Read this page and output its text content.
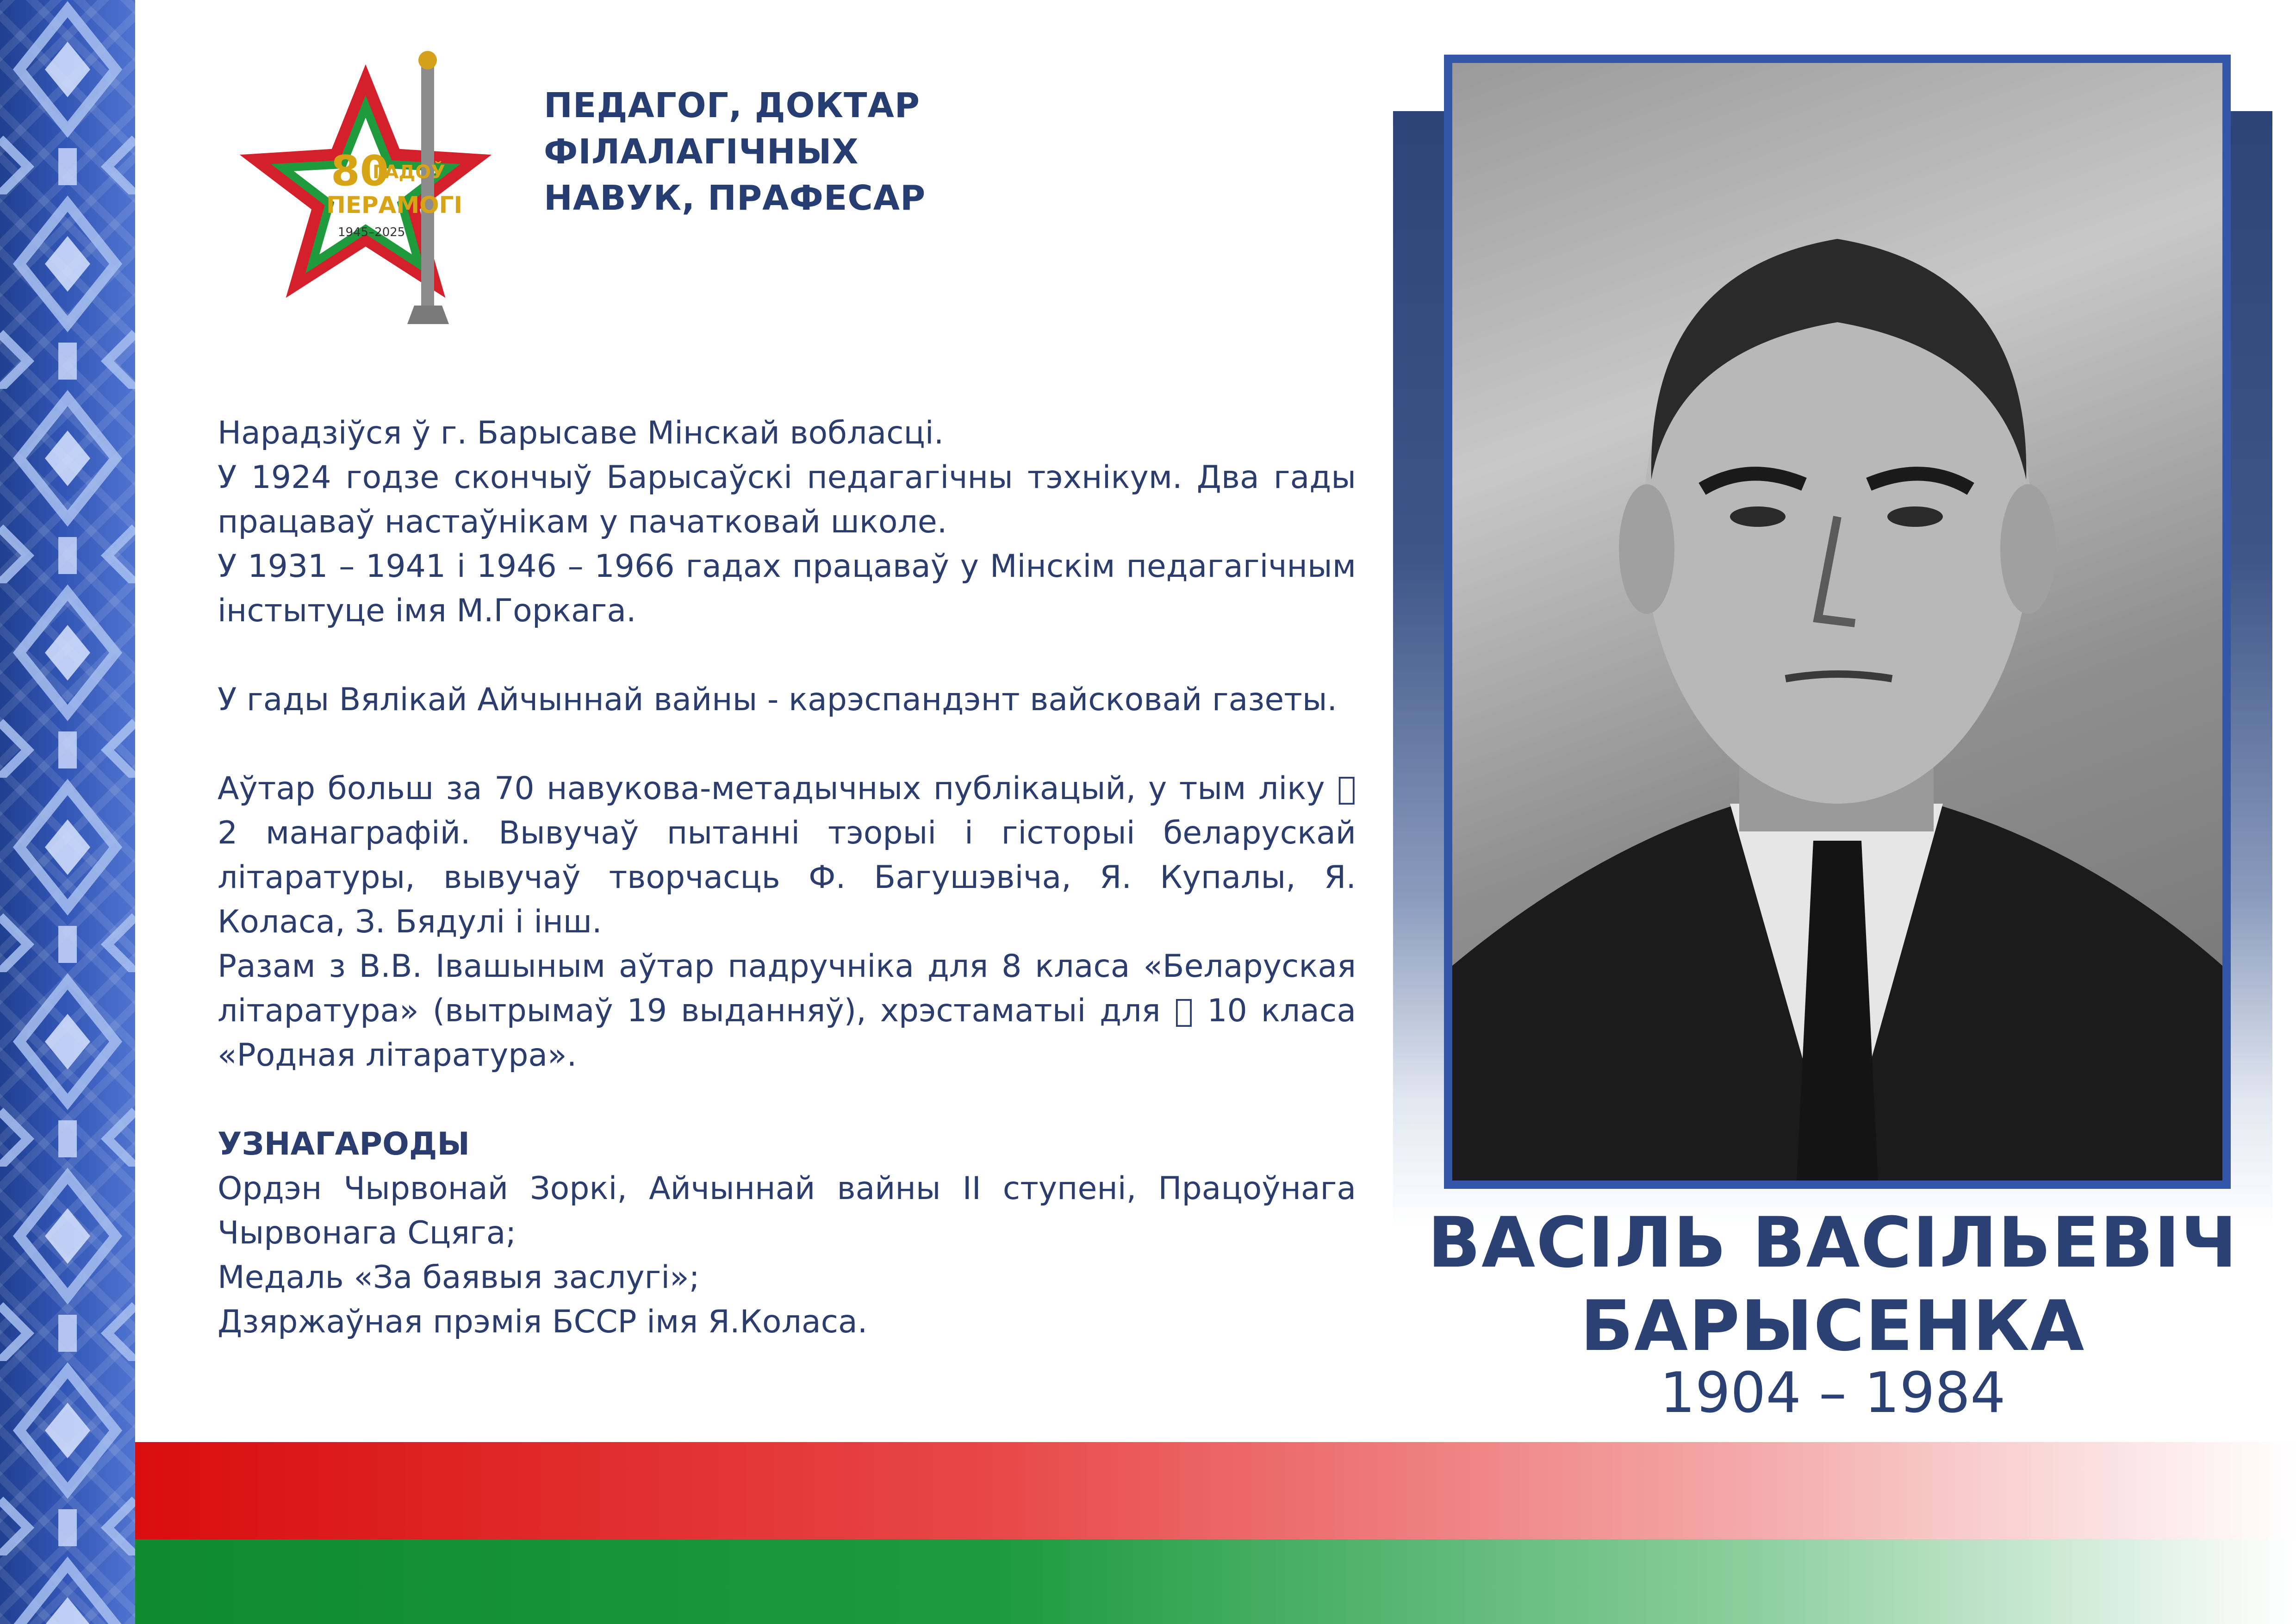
80
ГАДОЎ
ПЕРАМОГІ
1945–2025
ПЕДАГОГ, ДОКТАР ФІЛАЛАГІЧНЫХ
НАВУК, ПРАФЕСАР

Нарадзіўся ў г. Барысаве Мінскай вобласці.

У 1924 годзе скончыў Барысаўскі педагагічны тэхнікум. Два гады працаваў настаўнікам у пачатковай школе.

У 1931 – 1941 і 1946 – 1966 гадах працаваў у Мінскім педагагічным інстытуце імя М.Горкага.

У гады Вялікай Айчыннай вайны - карэспандэнт вайсковай газеты.

Аўтар больш за 70 навукова-метадычных публікацый, у тым ліку   2 манаграфій. Вывучаў пытанні тэорыі і гісторыі беларускай літаратуры, вывучаў творчасць Ф. Багушэвіча, Я. Купалы, Я. Коласа, З. Бядулі і інш.

Разам з В.В. Івашыным аўтар падручніка для 8 класа «Беларуская літаратура» (вытрымаў 19 выданняў), хрэстаматыі для   10 класа «Родная літаратура».

УЗНАГАРОДЫ

Ордэн Чырвонай Зоркі, Айчыннай вайны ІІ ступені, Працоўнага Чырвонага Сцяга;

Медаль «За баявыя заслугі»;

Дзяржаўная прэмія БССР імя Я.Коласа.

ВАСІЛЬ ВАСІЛЬЕВІЧ
БАРЫСЕНКА
1904 – 1984
